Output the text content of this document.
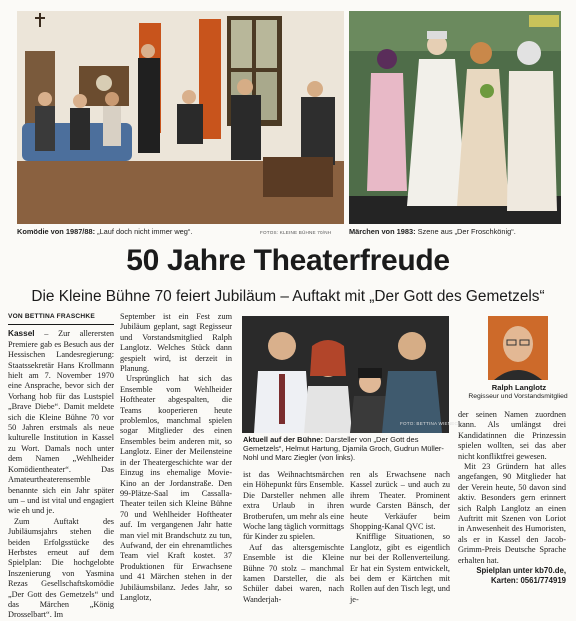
Komödie von 1987/88: „Lauf doch nicht immer weg“.	FOTOS: KLEINE BÜHNE 70/NH Märchen von 1983: Szene aus „Der Froschkönig“.
50 Jahre Theaterfreude
Die Kleine Bühne 70 feiert Jubiläum – Auftakt mit „Der Gott des Gemetzels“
VON BETTINA FRASCHKE

Kassel – Zur allerersten Premiere gab es Besuch aus der Hessischen Landesregierung: Staatssekretär Hans Krollmann hielt am 7. November 1970 eine Ansprache, bevor sich der Vorhang hob für das Lustspiel „Brave Diebe“. Damit meldete sich die Kleine Bühne 70 vor 50 Jahren erstmals als neue kulturelle Institution in Kassel zu Wort. Damals noch unter dem Namen „Wehlheider Komödientheater“. Das Amateurtheaterensemble benannte sich ein Jahr später um – und ist vital und engagiert wie eh und je.

Zum Auftakt des Jubiläumsjahrs stehen die beiden Erfolgsstücke des Herbstes erneut auf dem Spielplan: Die hochgelobte Inszenierung von Yasmina Rezas Gesellschaftskomödie „Der Gott des Gemetzels“ und das Märchen „König Drosselbart“. Im

September ist ein Fest zum Jubiläum geplant, sagt Regisseur und Vorstandsmitglied Ralph Langlotz. Welches Stück dann gespielt wird, ist derzeit in Planung.

Ursprünglich hat sich das Ensemble vom Wehlheider Hoftheater abgespalten, die Teams kooperieren heute problemlos, manchmal spielen sogar Mitglieder des einen Ensembles beim anderen mit, so Langlotz. Einer der Meilensteine in der Theatergeschichte war der Einzug ins ehemalige Movie-Kino an der Jordanstraße. Den 99-Plätze-Saal im Cassalla-Theater teilen sich Kleine Bühne 70 und Wehlheider Hoftheater auf. Im vergangenen Jahr hatte man viel mit Brandschutz zu tun, Aufwand, der ein ehrenamtliches Team viel Kraft kostet. 37 Produktionen für Erwachsene und 41 Märchen stehen in der Jubiläumsbilanz. Jedes Jahr, so Langlotz,

FOTO: BETTINA WIENECKE
Aktuell auf der Bühne: Darsteller von „Der Gott des Gemetzels“, Helmut Hartung, Djamila Groch, Gudrun Müller-Nohl und Marc Ziegler (von links).

ist das Weihnachtsmärchen ein Höhepunkt fürs Ensemble. Die Darsteller nehmen alle extra Urlaub in ihren Brotberufen, um mehr als eine Woche lang täglich vormittags für Kinder zu spielen.

Auf das altersgemischte Ensemble ist die Kleine Bühne 70 stolz – manchmal kamen Darsteller, die als Schüler dabei waren, nach Wanderjah-

ren als Erwachsene nach Kassel zurück – und auch zu ihrem Theater. Prominent wurde Carsten Bänsch, der heute Verkäufer beim Shopping-Kanal QVC ist.

Knifflige Situationen, so Langlotz, gibt es eigentlich nur bei der Rollenverteilung. Er hat ein System entwickelt, bei dem er Kärtchen mit Rollen auf den Tisch legt, und je-

Ralph Langlotz
Regisseur und Vorstandsmitglied

der seinen Namen zuordnen kann. Als umlängst drei Kandidatinnen die Prinzessin spielen wollten, sei das aber nicht konfliktfrei gewesen.

Mit 23 Gründern hat alles angefangen, 90 Mitglieder hat der Verein heute, 50 davon sind aktiv. Besonders gern erinnert sich Ralph Langlotz an einen Auftritt mit Szenen von Loriot in Anwesenheit des Humoristen, als er in Kassel den Jacob-Grimm-Preis Deutsche Sprache erhalten hat.

Spielplan unter kb70.de,
Karten: 0561/774919
